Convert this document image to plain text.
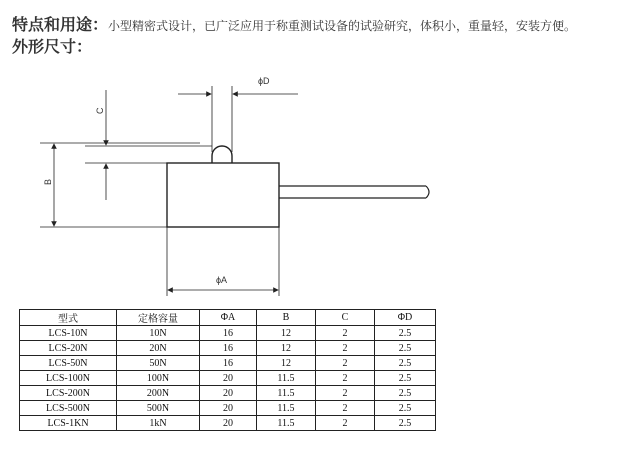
特点和用途：小型精密式设计，已广泛应用于称重测试设备的试验研究，体积小，重量轻，安装方便。
外形尺寸：
ϕD
C
B
ϕA
型式	定格容量	ΦA	B	C	ΦD
LCS-10N	10N	16	12	2	2.5
LCS-20N	20N	16	12	2	2.5
LCS-50N	50N	16	12	2	2.5
LCS-100N	100N	20	11.5	2	2.5
LCS-200N	200N	20	11.5	2	2.5
LCS-500N	500N	20	11.5	2	2.5
LCS-1KN	1kN	20	11.5	2	2.5
